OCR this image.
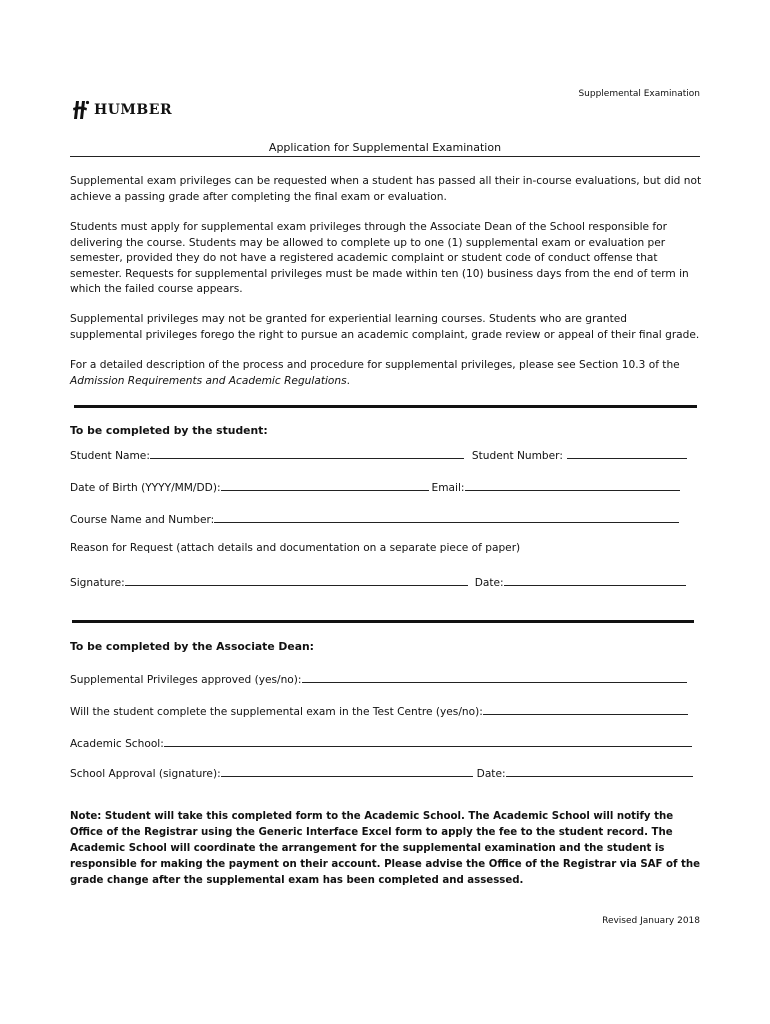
Supplemental Examination
HUMBER
Application for Supplemental Examination
Supplemental exam privileges can be requested when a student has passed all their in-course evaluations, but did not achieve a passing grade after completing the final exam or evaluation.
Students must apply for supplemental exam privileges through the Associate Dean of the School responsible for delivering the course. Students may be allowed to complete up to one (1) supplemental exam or evaluation per semester, provided they do not have a registered academic complaint or student code of conduct offense that semester. Requests for supplemental privileges must be made within ten (10) business days from the end of term in which the failed course appears.
Supplemental privileges may not be granted for experiential learning courses. Students who are granted supplemental privileges forego the right to pursue an academic complaint, grade review or appeal of their final grade.
For a detailed description of the process and procedure for supplemental privileges, please see Section 10.3 of the Admission Requirements and Academic Regulations.
To be completed by the student:
Student Name:	Student Number:
Date of Birth (YYYY/MM/DD):	Email:
Course Name and Number:
Reason for Request (attach details and documentation on a separate piece of paper)
Signature:	Date:
To be completed by the Associate Dean:
Supplemental Privileges approved (yes/no):
Will the student complete the supplemental exam in the Test Centre (yes/no):
Academic School:
School Approval (signature):	Date:
Note: Student will take this completed form to the Academic School. The Academic School will notify the Office of the Registrar using the Generic Interface Excel form to apply the fee to the student record. The Academic School will coordinate the arrangement for the supplemental examination and the student is responsible for making the payment on their account. Please advise the Office of the Registrar via SAF of the grade change after the supplemental exam has been completed and assessed.
Revised January 2018
